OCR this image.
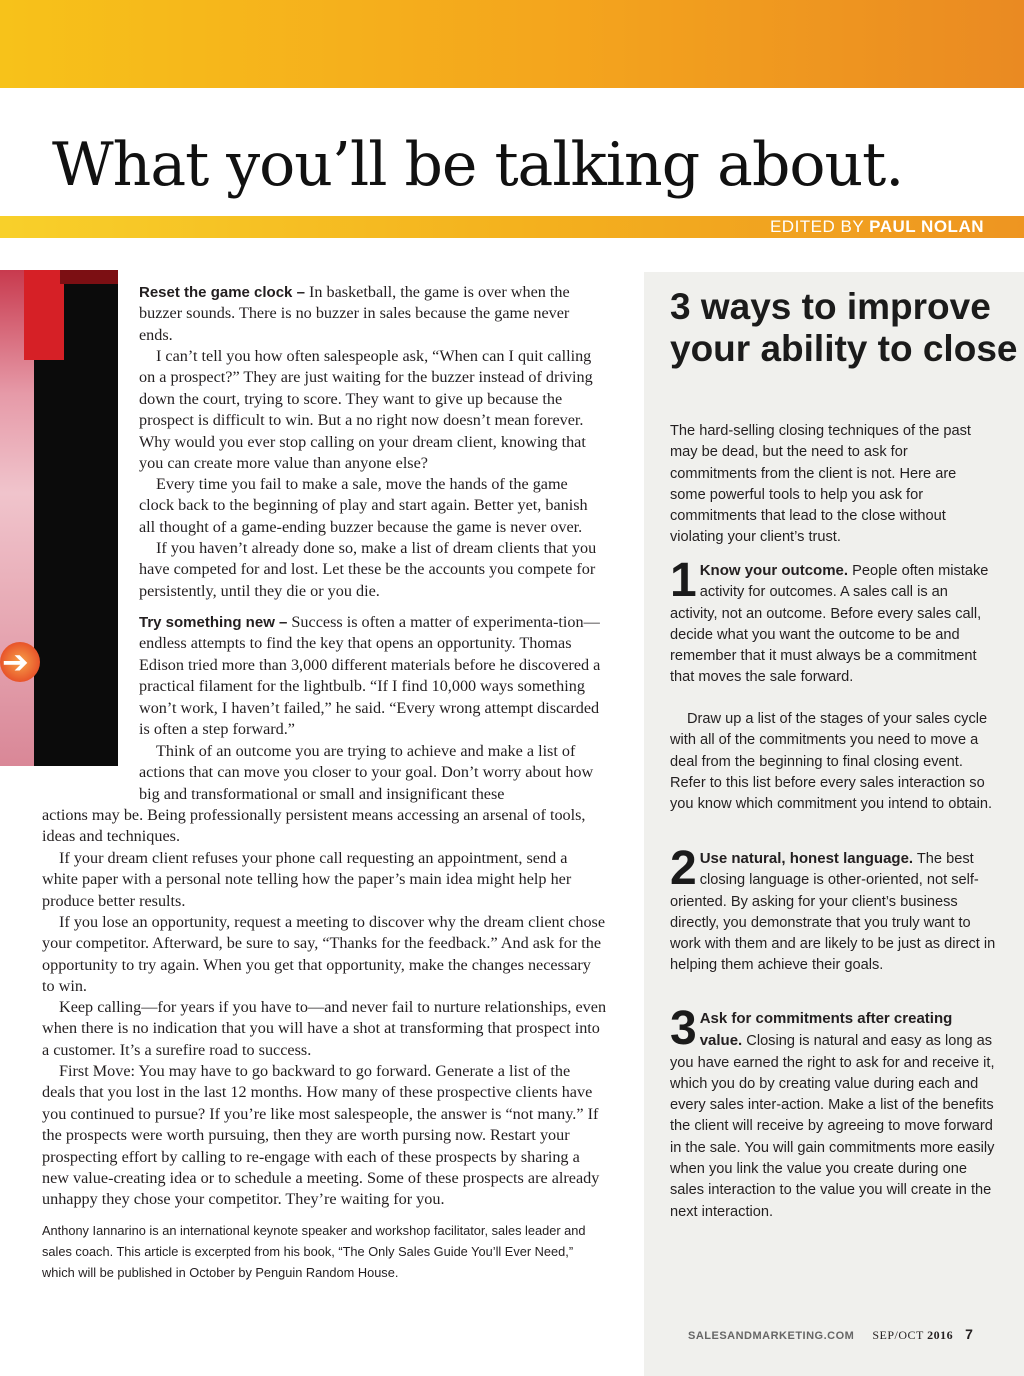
What you’ll be talking about.
EDITED BY PAUL NOLAN
➔

Reset the game clock – In basketball, the game is over when the buzzer sounds. There is no buzzer in sales because the game never ends.

I can’t tell you how often salespeople ask, “When can I quit calling on a prospect?” They are just waiting for the buzzer instead of driving down the court, trying to score. They want to give up because the prospect is difficult to win. But a no right now doesn’t mean forever. Why would you ever stop calling on your dream client, knowing that you can create more value than anyone else?

Every time you fail to make a sale, move the hands of the game clock back to the beginning of play and start again. Better yet, banish all thought of a game-ending buzzer because the game is never over.

If you haven’t already done so, make a list of dream clients that you have competed for and lost. Let these be the accounts you compete for persistently, until they die or you die.

Try something new – Success is often a matter of experimenta-tion—endless attempts to find the key that opens an opportunity. Thomas Edison tried more than 3,000 different materials before he discovered a practical filament for the lightbulb. “If I find 10,000 ways something won’t work, I haven’t failed,” he said. “Every wrong attempt discarded is often a step forward.”

Think of an outcome you are trying to achieve and make a list of actions that can move you closer to your goal. Don’t worry about how big and transformational or small and insignificant these

actions may be. Being professionally persistent means accessing an arsenal of tools, ideas and techniques.

If your dream client refuses your phone call requesting an appointment, send a white paper with a personal note telling how the paper’s main idea might help her produce better results.

If you lose an opportunity, request a meeting to discover why the dream client chose your competitor. Afterward, be sure to say, “Thanks for the feedback.” And ask for the opportunity to try again. When you get that opportunity, make the changes necessary to win.

Keep calling—for years if you have to—and never fail to nurture relationships, even when there is no indication that you will have a shot at transforming that prospect into a customer. It’s a surefire road to success.

First Move: You may have to go backward to go forward. Generate a list of the deals that you lost in the last 12 months. How many of these prospective clients have you continued to pursue? If you’re like most salespeople, the answer is “not many.” If the prospects were worth pursuing, then they are worth pursing now. Restart your prospecting effort by calling to re-engage with each of these prospects by sharing a new value-creating idea or to schedule a meeting. Some of these prospects are already unhappy they chose your competitor. They’re waiting for you.

Anthony Iannarino is an international keynote speaker and workshop facilitator, sales leader and sales coach. This article is excerpted from his book, “The Only Sales Guide You’ll Ever Need,” which will be published in October by Penguin Random House.

3 ways to improve your ability to close

The hard-selling closing techniques of the past may be dead, but the need to ask for commitments from the client is not. Here are some powerful tools to help you ask for commitments that lead to the close without violating your client’s trust.

1 Know your outcome. People often mistake activity for outcomes. A sales call is an activity, not an outcome. Before every sales call, decide what you want the outcome to be and remember that it must always be a commitment that moves the sale forward.

Draw up a list of the stages of your sales cycle with all of the commitments you need to move a deal from the beginning to final closing event. Refer to this list before every sales interaction so you know which commitment you intend to obtain.

2 Use natural, honest language. The best closing language is other-oriented, not self-oriented. By asking for your client’s business directly, you demonstrate that you truly want to work with them and are likely to be just as direct in helping them achieve their goals.

3 Ask for commitments after creating value. Closing is natural and easy as long as you have earned the right to ask for and receive it, which you do by creating value during each and every sales inter-action. Make a list of the benefits the client will receive by agreeing to move forward in the sale. You will gain commitments more easily when you link the value you create during one sales interaction to the value you will create in the next interaction.

SALESANDMARKETING.COM SEP/OCT 2016 7
